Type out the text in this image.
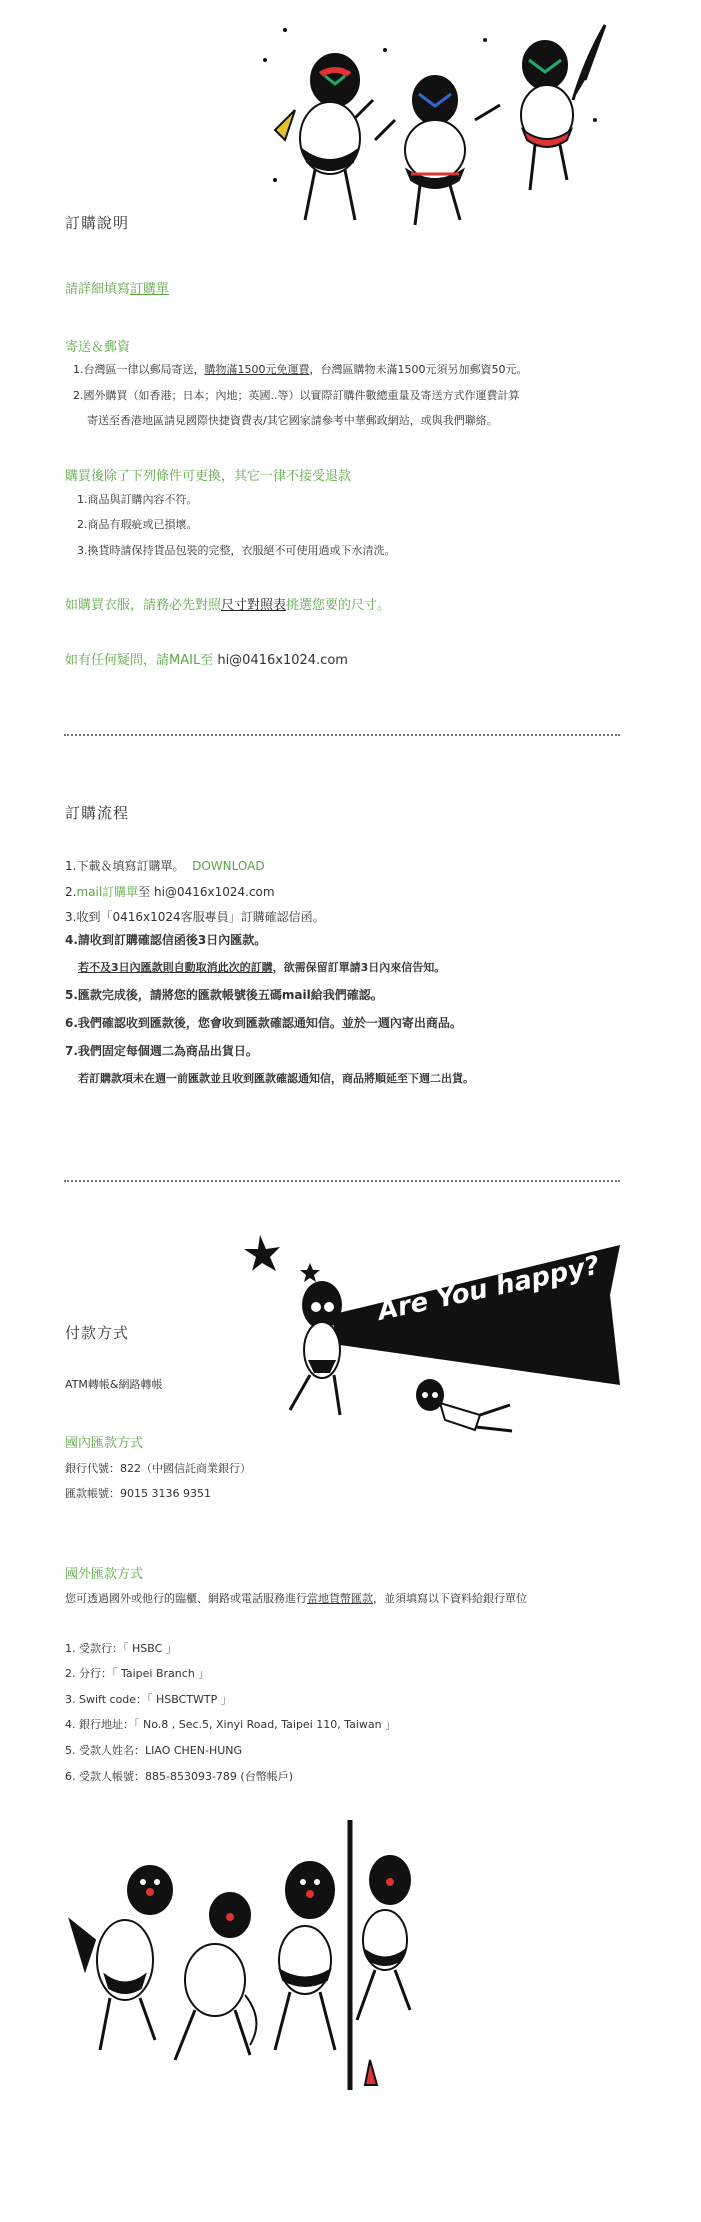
訂購說明
請詳細填寫訂購單
寄送＆郵資
1.台灣區一律以郵局寄送，購物滿1500元免運費，台灣區購物未滿1500元須另加郵資50元。
2.國外購買（如香港；日本；內地；英國..等）以實際訂購件數總重量及寄送方式作運費計算
寄送至香港地區請見國際快捷資費表/其它國家請參考中華郵政網站，或與我們聯絡。
購買後除了下列條件可更換，其它一律不接受退款
1.商品與訂購內容不符。
2.商品有瑕疵或已損壞。
3.換貨時請保持貨品包裝的完整，衣服絕不可使用過或下水清洗。
如購買衣服，請務必先對照尺寸對照表挑選您要的尺寸。
如有任何疑問，請MAIL至 hi@0416x1024.com
訂購流程
1.下載＆填寫訂購單。 DOWNLOAD
2.mail訂購單至 hi@0416x1024.com
3.收到「0416x1024客服專員」訂購確認信函。
4.請收到訂購確認信函後3日內匯款。
若不及3日內匯款則自動取消此次的訂購，欲需保留訂單請3日內來信告知。
5.匯款完成後，請將您的匯款帳號後五碼mail給我們確認。
6.我們確認收到匯款後，您會收到匯款確認通知信。並於一週內寄出商品。
7.我們固定每個週二為商品出貨日。
若訂購款項未在週一前匯款並且收到匯款確認通知信，商品將順延至下週二出貨。
Are You happy?
付款方式
ATM轉帳&網路轉帳
國內匯款方式
銀行代號：822（中國信託商業銀行）
匯款帳號：9015 3136 9351
國外匯款方式
您可透過國外或他行的臨櫃、網路或電話服務進行當地貨幣匯款，並須填寫以下資料給銀行單位
1. 受款行：「 HSBC 」
2. 分行：「 Taipei Branch 」
3. Swift code：「 HSBCTWTP 」
4. 銀行地址：「 No.8 , Sec.5, Xinyi Road, Taipei 110, Taiwan 」
5. 受款人姓名：LIAO CHEN-HUNG
6. 受款人帳號：885-853093-789 (台幣帳戶)
